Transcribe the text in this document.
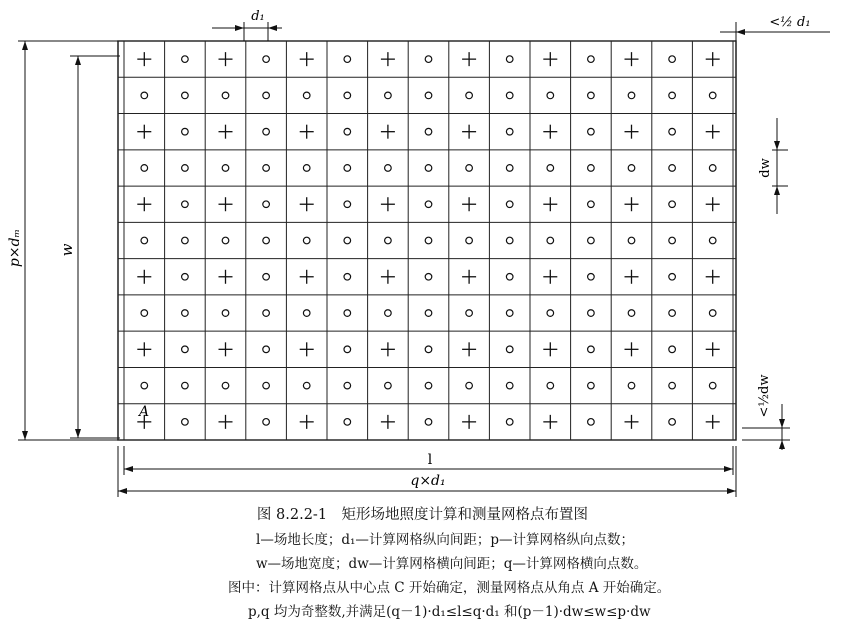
d₁	<½ d₁
dw
<½dw
p×dₘ w
A
l
q×d₁

图 8.2.2-1　矩形场地照度计算和测量网格点布置图

l—场地长度；d₁—计算网格纵向间距；p—计算网格纵向点数；

w—场地宽度；dw—计算网格横向间距；q—计算网格横向点数。

图中：计算网格点从中心点 C 开始确定，测量网格点从角点 A 开始确定。

p,q 均为奇整数,并满足(q－1)·d₁≤l≤q·d₁ 和(p－1)·dw≤w≤p·dw
